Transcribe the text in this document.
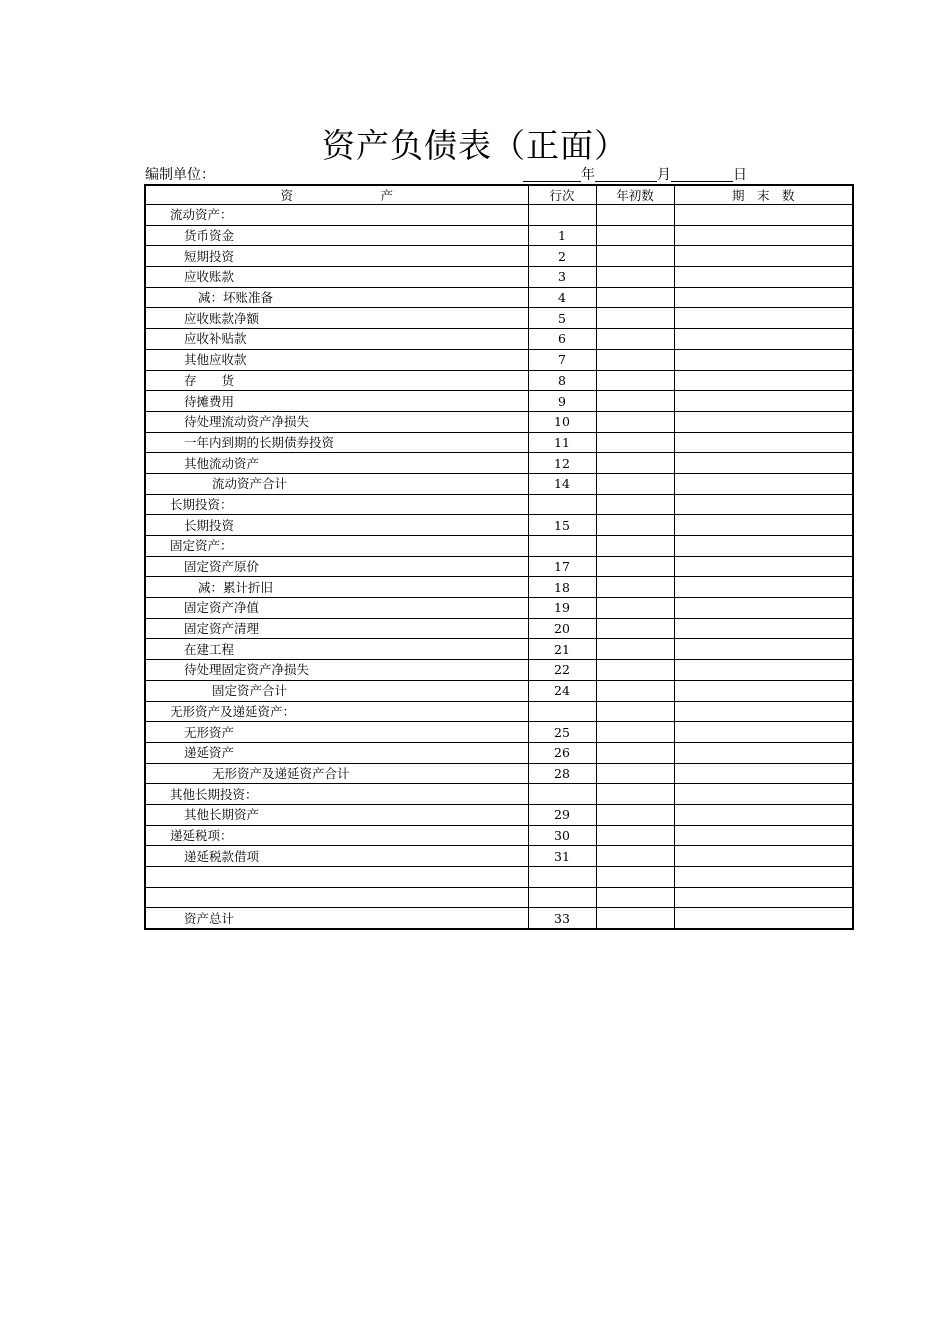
资产负债表（正面）
编制单位：	年	月	日
资　　　　　　　产	行次	年初数	期　末　数
流动资产：			
货币资金	1		
短期投资	2		
应收账款	3		
减：坏账准备	4		
应收账款净额	5		
应收补贴款	6		
其他应收款	7		
存　　货	8		
待摊费用	9		
待处理流动资产净损失	10		
一年内到期的长期债券投资	11		
其他流动资产	12		
流动资产合计	14		
长期投资：			
长期投资	15		
固定资产：			
固定资产原价	17		
减：累计折旧	18		
固定资产净值	19		
固定资产清理	20		
在建工程	21		
待处理固定资产净损失	22		
固定资产合计	24		
无形资产及递延资产：			
无形资产	25		
递延资产	26		
无形资产及递延资产合计	28		
其他长期投资：			
其他长期资产	29		
递延税项：	30		
递延税款借项	31		

资产总计	33		
